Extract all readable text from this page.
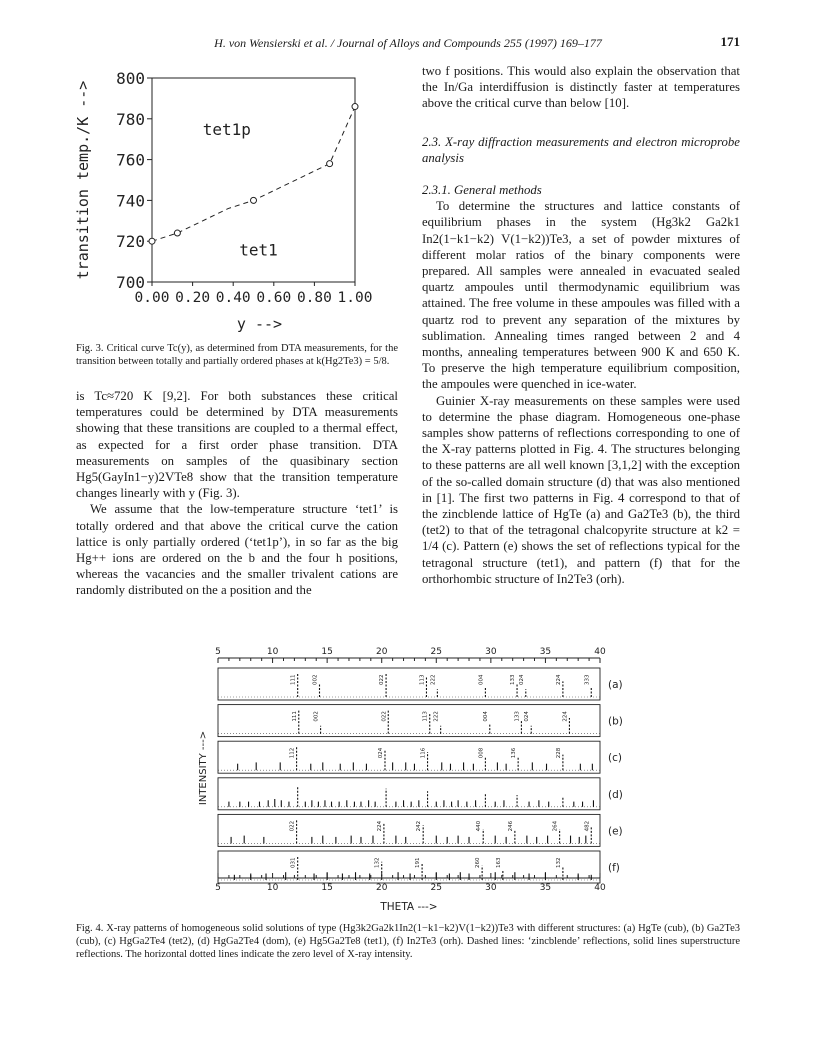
H. von Wensierski et al. / Journal of Alloys and Compounds 255 (1997) 169–177	171
700
720
740
760
780
800
0.00 0.20 0.40 0.60 0.80 1.00
y -->
transition temp./K -->	tet1p
tet1
Fig. 3. Critical curve Tc(y), as determined from DTA measurements, for the transition between totally and partially ordered phases at k(Hg2Te3) = 5/8.

is Tc≈720 K [9,2]. For both substances these critical temperatures could be determined by DTA measurements showing that these transitions are coupled to a thermal effect, as expected for a first order phase transition. DTA measurements on samples of the quasibinary section Hg5(GayIn1−y)2VTe8 show that the transition temperature changes linearly with y (Fig. 3).

We assume that the low-temperature structure ‘tet1’ is totally ordered and that above the critical curve the cation lattice is only partially ordered (‘tet1p’), in so far as the big Hg++ ions are ordered on the b and the four h positions, whereas the vacancies and the smaller trivalent cations are randomly distributed on the a position and the

two f positions. This would also explain the observation that the In/Ga interdiffusion is distinctly faster at temperatures above the critical curve than below [10].

2.3. X-ray diffraction measurements and electron microprobe analysis

2.3.1. General methods

To determine the structures and lattice constants of equilibrium phases in the system (Hg3k2 Ga2k1 In2(1−k1−k2) V(1−k2))Te3, a set of powder mixtures of different molar ratios of the binary components were prepared. All samples were annealed in evacuated sealed quartz ampoules until thermodynamic equilibrium was attained. The free volume in these ampoules was filled with a quartz rod to prevent any separation of the mixtures by sublimation. Annealing times ranged between 2 and 4 months, annealing temperatures between 900 K and 650 K. To preserve the high temperature equilibrium composition, the ampoules were quenched in ice-water.

Guinier X-ray measurements on these samples were used to determine the phase diagram. Homogeneous one-phase samples show patterns of reflections corresponding to one of the X-ray patterns plotted in Fig. 4. The structures belonging to these patterns are all well known [3,1,2] with the exception of the so-called domain structure (d) that was also mentioned in [1]. The first two patterns in Fig. 4 correspond to that of the zincblende lattice of HgTe (a) and Ga2Te3 (b), the third (tet2) to that of the tetragonal chalcopyrite structure at k2 = 1/4 (c). Pattern (e) shows the set of reflections typical for the tetragonal structure (tet1), and pattern (f) that for the orthorhombic structure of In2Te3 (orh).

5
5
10
10
15
15
20
20
25
25
30
30
35
35
40
40
THETA --->
INTENSITY --->
(a)
111	002	022	113 222	004	133 024	224	333
(b)
111	002	022	113 222	004	133 024	224
(c)
112	024	116	008	136	228
(d)
(e)
022	224	242	440	246	264	482
(f)
031	132	191	260	163	132
Fig. 4. X-ray patterns of homogeneous solid solutions of type (Hg3k2Ga2k1In2(1−k1−k2)V(1−k2))Te3 with different structures: (a) HgTe (cub), (b) Ga2Te3 (cub), (c) HgGa2Te4 (tet2), (d) HgGa2Te4 (dom), (e) Hg5Ga2Te8 (tet1), (f) In2Te3 (orh). Dashed lines: ‘zincblende’ reflections, solid lines superstructure reflections. The horizontal dotted lines indicate the zero level of X-ray intensity.
